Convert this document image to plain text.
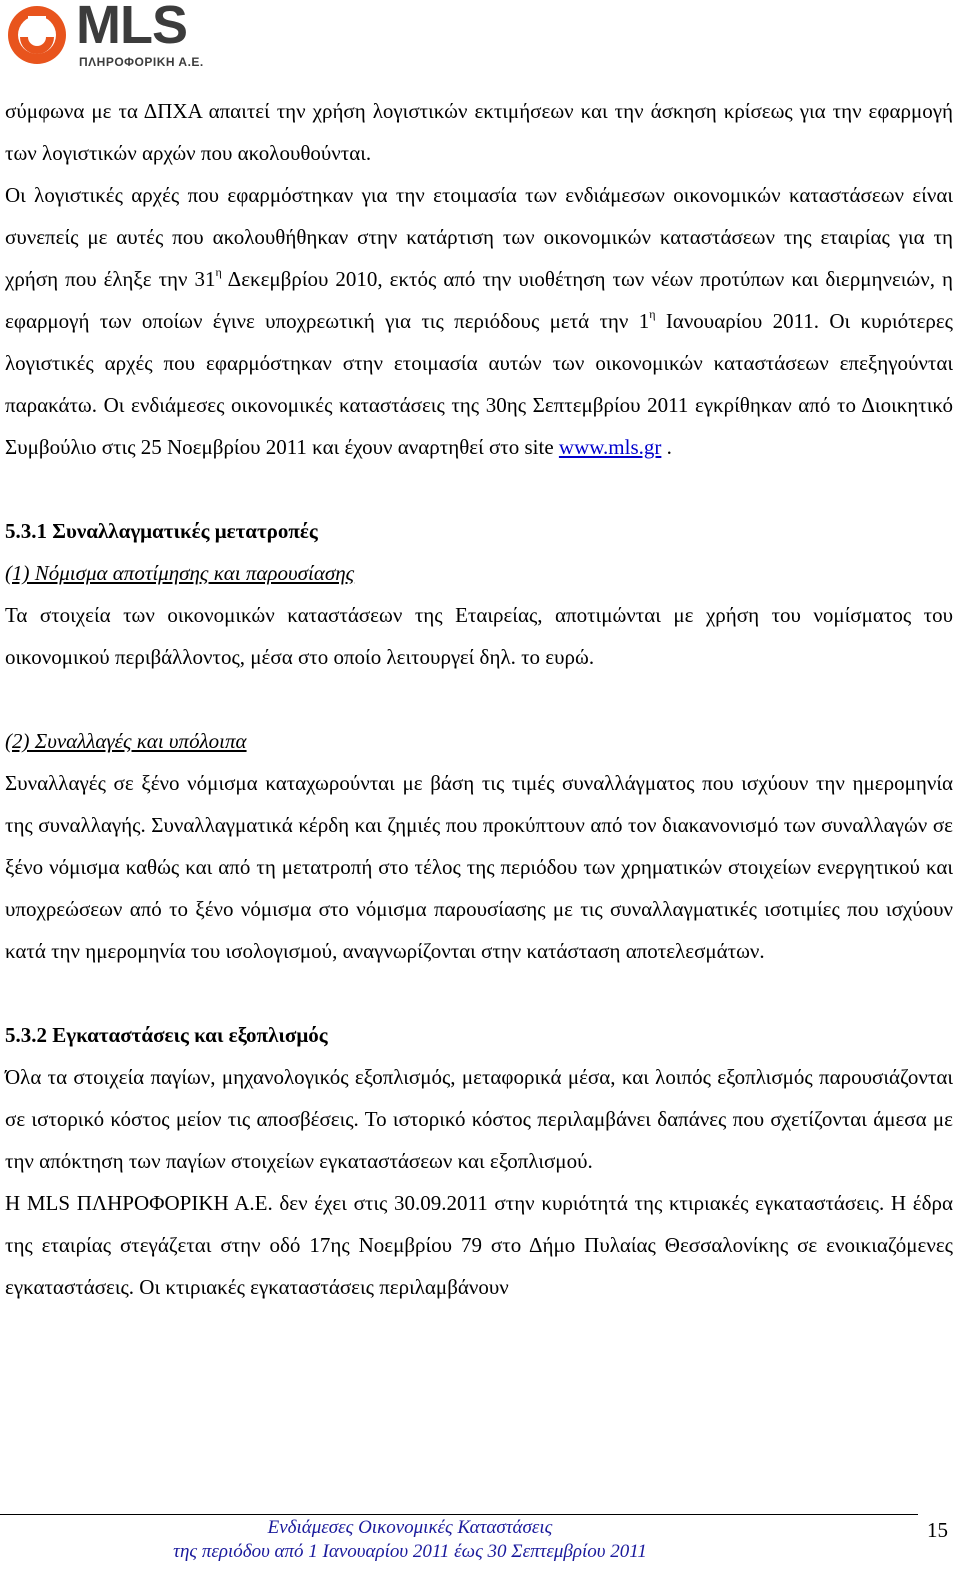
MLS
ΠΛΗΡΟΦΟΡΙΚΗ Α.Ε.

σύμφωνα με τα ΔΠΧΑ απαιτεί την χρήση λογιστικών εκτιμήσεων και την άσκηση κρίσεως για την εφαρμογή των λογιστικών αρχών που ακολουθούνται.

Οι λογιστικές αρχές που εφαρμόστηκαν για την ετοιμασία των ενδιάμεσων οικονομικών καταστάσεων είναι συνεπείς με αυτές που ακολουθήθηκαν στην κατάρτιση των οικονομικών καταστάσεων της εταιρίας για τη χρήση που έληξε την $31^\eta$ Δεκεμβρίου 2010, εκτός από την υιοθέτηση των νέων προτύπων και διερμηνειών, η εφαρμογή των οποίων έγινε υποχρεωτική για τις περιόδους μετά την $1^\eta$ Ιανουαρίου 2011. Οι κυριότερες λογιστικές αρχές που εφαρμόστηκαν στην ετοιμασία αυτών των οικονομικών καταστάσεων επεξηγούνται παρακάτω. Οι ενδιάμεσες οικονομικές καταστάσεις της 30ης Σεπτεμβρίου 2011 εγκρίθηκαν από το Διοικητικό Συμβούλιο στις 25 Νοεμβρίου 2011 και έχουν αναρτηθεί στο site www.mls.gr .

5.3.1 Συναλλαγματικές μετατροπές
(1) Νόμισμα αποτίμησης και παρουσίασης

Τα στοιχεία των οικονομικών καταστάσεων της Εταιρείας, αποτιμώνται με χρήση του νομίσματος του οικονομικού περιβάλλοντος, μέσα στο οποίο λειτουργεί δηλ. το ευρώ.

(2) Συναλλαγές και υπόλοιπα

Συναλλαγές σε ξένο νόμισμα καταχωρούνται με βάση τις τιμές συναλλάγματος που ισχύουν την ημερομηνία της συναλλαγής. Συναλλαγματικά κέρδη και ζημιές που προκύπτουν από τον διακανονισμό των συναλλαγών σε ξένο νόμισμα καθώς και από τη μετατροπή στο τέλος της περιόδου των χρηματικών στοιχείων ενεργητικού και υποχρεώσεων από το ξένο νόμισμα στο νόμισμα παρουσίασης με τις συναλλαγματικές ισοτιμίες που ισχύουν κατά την ημερομηνία του ισολογισμού, αναγνωρίζονται στην κατάσταση αποτελεσμάτων.

5.3.2 Εγκαταστάσεις και εξοπλισμός

Όλα τα στοιχεία παγίων, μηχανολογικός εξοπλισμός, μεταφορικά μέσα, και λοιπός εξοπλισμός παρουσιάζονται σε ιστορικό κόστος μείον τις αποσβέσεις. Το ιστορικό κόστος περιλαμβάνει δαπάνες που σχετίζονται άμεσα με την απόκτηση των παγίων στοιχείων εγκαταστάσεων και εξοπλισμού.

Η MLS ΠΛΗΡΟΦΟΡΙΚΗ Α.Ε. δεν έχει στις 30.09.2011 στην κυριότητά της κτιριακές εγκαταστάσεις. Η έδρα της εταιρίας στεγάζεται στην οδό 17ης Νοεμβρίου 79 στο Δήμο Πυλαίας Θεσσαλονίκης σε ενοικιαζόμενες εγκαταστάσεις. Οι κτιριακές εγκαταστάσεις περιλαμβάνουν

Ενδιάμεσες Οικονομικές Καταστάσεις
της περιόδου από 1 Ιανουαρίου 2011 έως 30 Σεπτεμβρίου 2011
15
